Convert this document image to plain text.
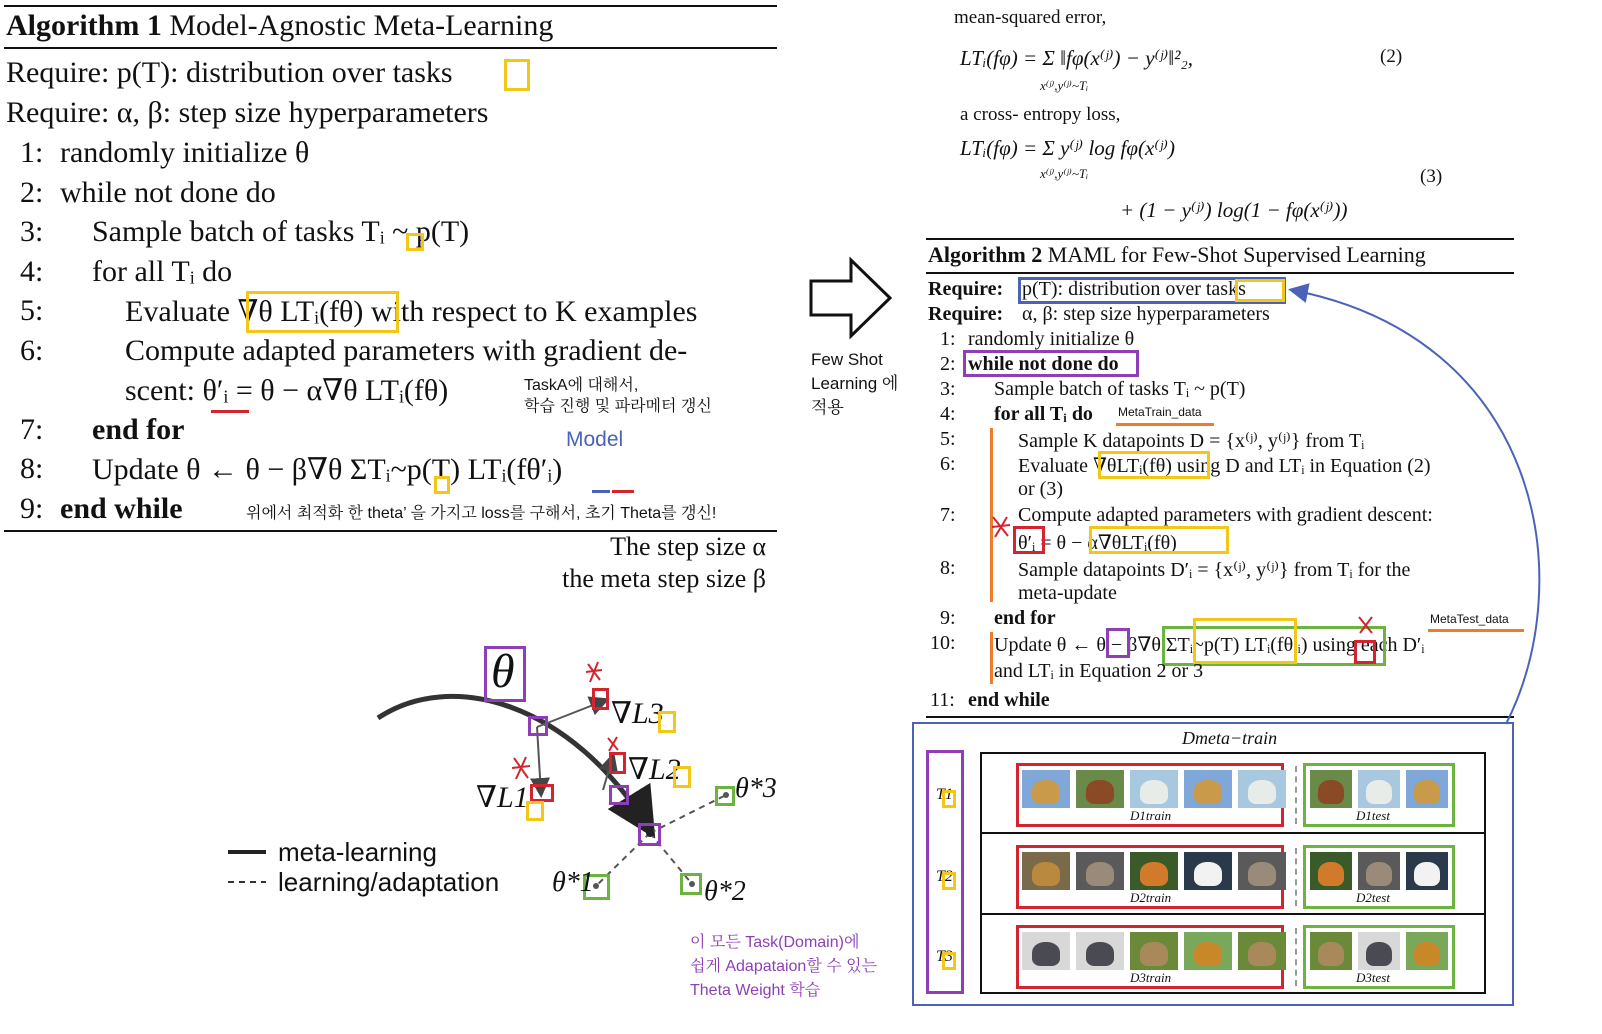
Algorithm 1 Model-Agnostic Meta-Learning
Require: p(T): distribution over tasks
Require: α, β: step size hyperparameters
1: randomly initialize θ
2: while not done do
3: Sample batch of tasks Tᵢ ~ p(T)
4: for all Tᵢ do
5:	Evaluate ∇θ LTᵢ(fθ) with respect to K examples
6:	Compute adapted parameters with gradient de-
scent: θ′ᵢ = θ − α∇θ LTᵢ(fθ)
7: end for
8: Update θ ← θ − β∇θ ΣTᵢ~p(T) LTᵢ(fθ′ᵢ)
9: end while
TaskA에 대해서,
학습 진행 및 파라메터 갱신
Model
위에서 최적화 한 theta’ 을 가지고 loss를 구해서, 초기 Theta를 갱신!
The step size α
the meta step size β
θ
∇L3
∇L2
∇L1	θ*3
θ*2
θ*1
meta-learning
learning/adaptation
이 모든 Task(Domain)에
쉽게 Adapataion할 수 있는
Theta Weight 학습
Few Shot
Learning 에
적용
mean-squared error,
LTᵢ(fφ) = Σ ‖fφ(x⁽ʲ⁾) − y⁽ʲ⁾‖²₂,
x⁽ʲ⁾,y⁽ʲ⁾~Tᵢ
(2)
a cross- entropy loss,
LTᵢ(fφ) = Σ y⁽ʲ⁾ log fφ(x⁽ʲ⁾)
x⁽ʲ⁾,y⁽ʲ⁾~Tᵢ	(3)
+ (1 − y⁽ʲ⁾) log(1 − fφ(x⁽ʲ⁾))
Algorithm 2 MAML for Few-Shot Supervised Learning
Require: p(T): distribution over tasks
Require: α, β: step size hyperparameters
1: randomly initialize θ
2: while not done do
3: Sample batch of tasks Tᵢ ~ p(T)
4: for all Tᵢ do MetaTrain_data
5:	Sample K datapoints D = {x⁽ʲ⁾, y⁽ʲ⁾} from Tᵢ
6:	Evaluate ∇θLTᵢ(fθ) using D and LTᵢ in Equation (2)
or (3)
7:	Compute adapted parameters with gradient descent:
θ′ᵢ = θ − α∇θLTᵢ(fθ)
8:	Sample datapoints D′ᵢ = {x⁽ʲ⁾, y⁽ʲ⁾} from Tᵢ for the
meta-update
9: end for	MetaTest_data
10: Update θ ← θ − β∇θ ΣTᵢ~p(T) LTᵢ(fθ′ᵢ) using each D′ᵢ
and LTᵢ in Equation 2 or 3
11: end while
Dmeta−train
T1
D1train	D1test
T2
D2train	D2test
T3
D3train	D3test
